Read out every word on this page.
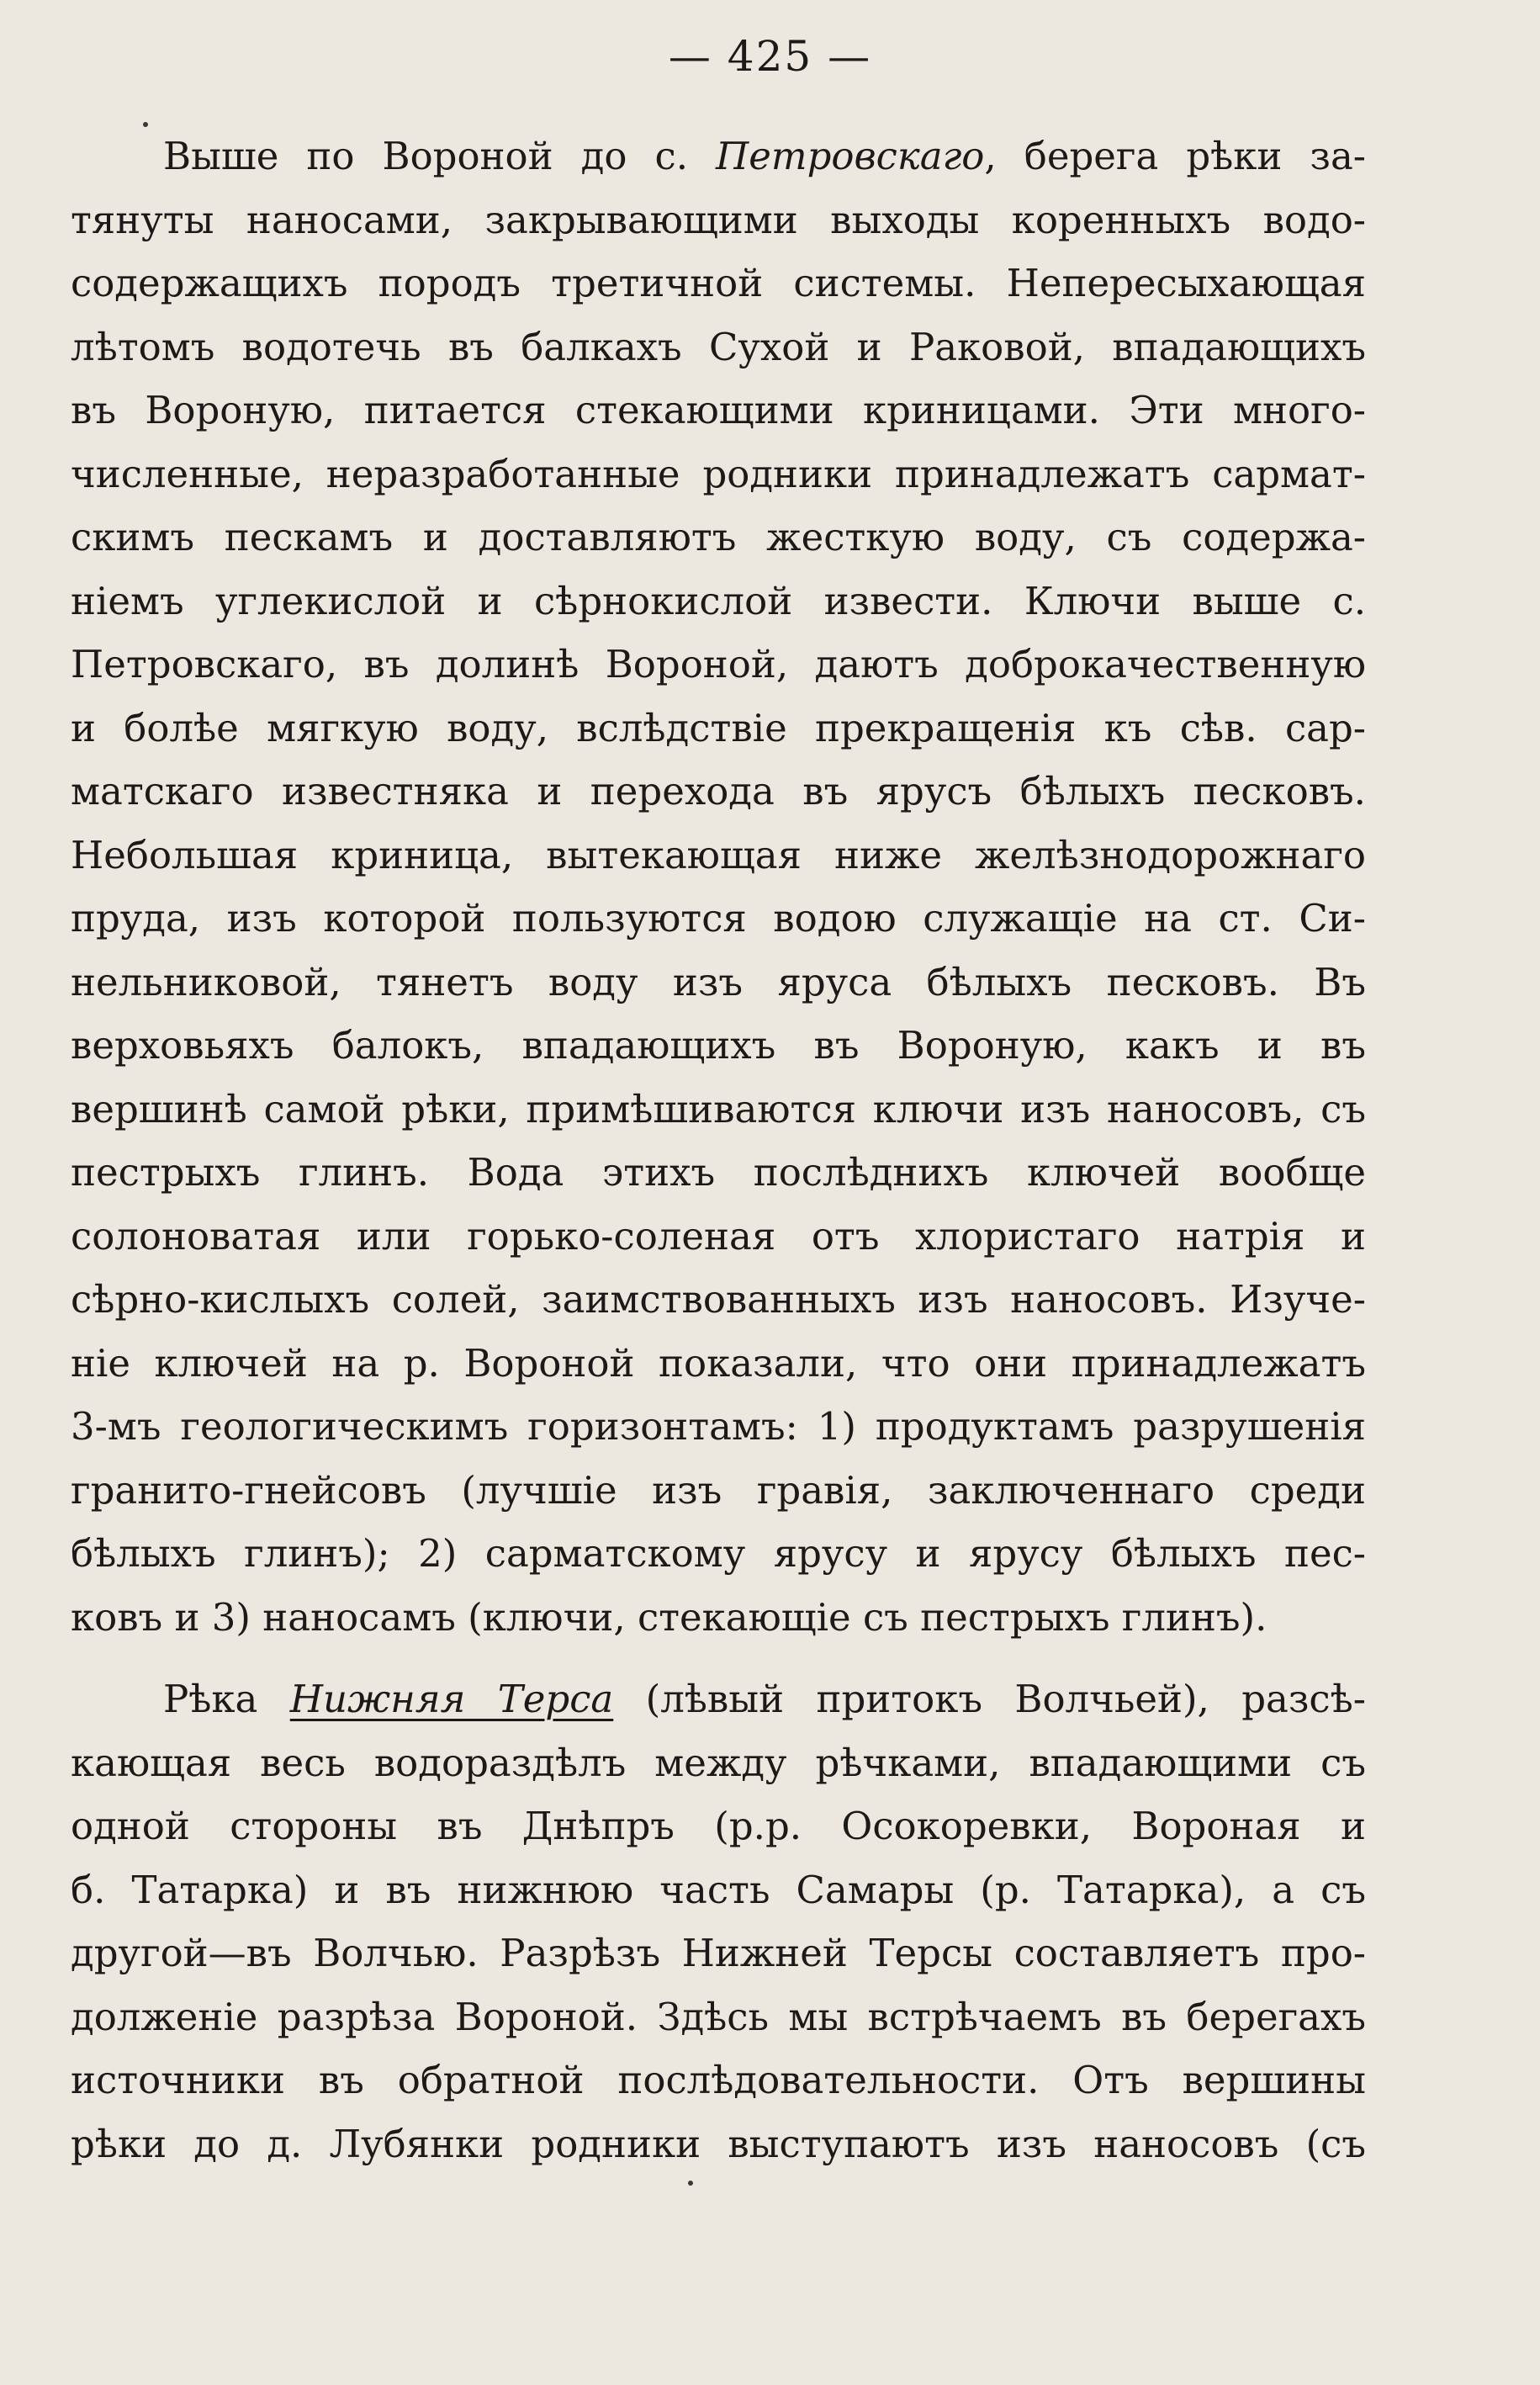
— 425 —
Выше по Вороной до с. Петровскаго, берега рѣки за-
тянуты наносами, закрывающими выходы коренныхъ водо-
содержащихъ породъ третичной системы. Непересыхающая
лѣтомъ водотечь въ балкахъ Сухой и Раковой, впадающихъ
въ Вороную, питается стекающими криницами. Эти много-
численные, неразработанные родники принадлежатъ сармат-
скимъ пескамъ и доставляютъ жесткую воду, съ содержа-
ніемъ углекислой и сѣрнокислой извести. Ключи выше с.
Петровскаго, въ долинѣ Вороной, даютъ доброкачественную
и болѣе мягкую воду, вслѣдствіе прекращенія къ сѣв. сар-
матскаго известняка и перехода въ ярусъ бѣлыхъ песковъ.
Небольшая криница, вытекающая ниже желѣзнодорожнаго
пруда, изъ которой пользуются водою служащіе на ст. Си-
нельниковой, тянетъ воду изъ яруса бѣлыхъ песковъ. Въ
верховьяхъ балокъ, впадающихъ въ Вороную, какъ и въ
вершинѣ самой рѣки, примѣшиваются ключи изъ наносовъ, съ
пестрыхъ глинъ. Вода этихъ послѣднихъ ключей вообще
солоноватая или горько-соленая отъ хлористаго натрія и
сѣрно-кислыхъ солей, заимствованныхъ изъ наносовъ. Изуче-
ніе ключей на р. Вороной показали, что они принадлежатъ
3-мъ геологическимъ горизонтамъ: 1) продуктамъ разрушенія
гранито-гнейсовъ (лучшіе изъ гравія, заключеннаго среди
бѣлыхъ глинъ); 2) сарматскому ярусу и ярусу бѣлыхъ пес-
ковъ и 3) наносамъ (ключи, стекающіе съ пестрыхъ глинъ).
Рѣка Нижняя Терса (лѣвый притокъ Волчьей), разсѣ-
кающая весь водораздѣлъ между рѣчками, впадающими съ
одной стороны въ Днѣпръ (р.р. Осокоревки, Вороная и
б. Татарка) и въ нижнюю часть Самары (р. Татарка), а съ
другой—въ Волчью. Разрѣзъ Нижней Терсы составляетъ про-
долженіе разрѣза Вороной. Здѣсь мы встрѣчаемъ въ берегахъ
источники въ обратной послѣдовательности. Отъ вершины
рѣки до д. Лубянки родники выступаютъ изъ наносовъ (съ
